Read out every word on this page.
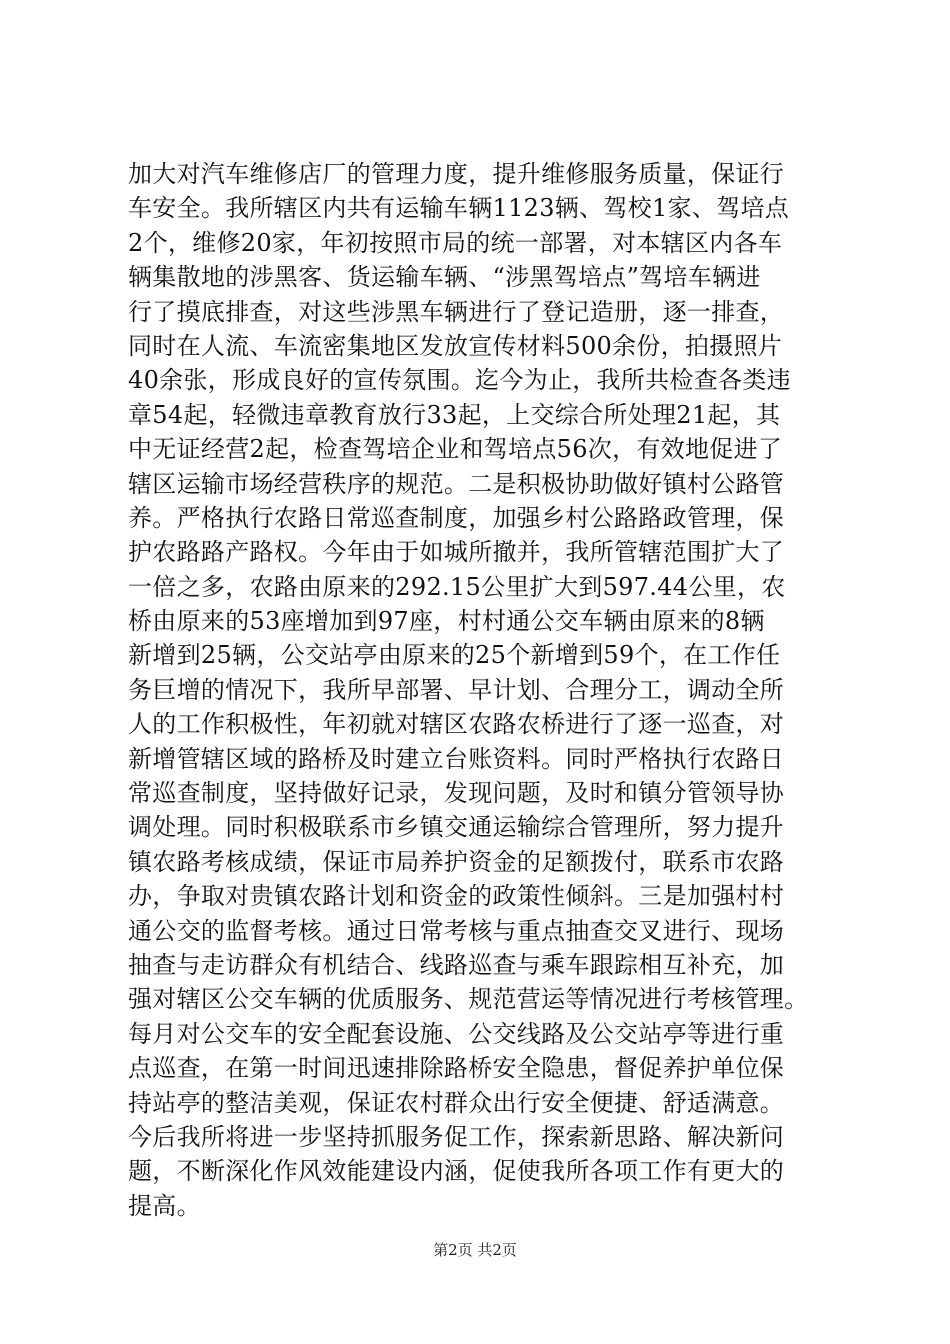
加大对汽车维修店厂的管理力度，提升维修服务质量，保证行
车安全。我所辖区内共有运输车辆1123辆、驾校1家、驾培点
2个，维修20家，年初按照市局的统一部署，对本辖区内各车
辆集散地的涉黑客、货运输车辆、“涉黑驾培点”驾培车辆进
行了摸底排查，对这些涉黑车辆进行了登记造册，逐一排查，
同时在人流、车流密集地区发放宣传材料500余份，拍摄照片
40余张，形成良好的宣传氛围。迄今为止，我所共检查各类违
章54起，轻微违章教育放行33起，上交综合所处理21起，其
中无证经营2起，检查驾培企业和驾培点56次，有效地促进了
辖区运输市场经营秩序的规范。二是积极协助做好镇村公路管
养。严格执行农路日常巡查制度，加强乡村公路路政管理，保
护农路路产路权。今年由于如城所撤并，我所管辖范围扩大了
一倍之多，农路由原来的292.15公里扩大到597.44公里，农
桥由原来的53座增加到97座，村村通公交车辆由原来的8辆
新增到25辆，公交站亭由原来的25个新增到59个，在工作任
务巨增的情况下，我所早部署、早计划、合理分工，调动全所
人的工作积极性，年初就对辖区农路农桥进行了逐一巡查，对
新增管辖区域的路桥及时建立台账资料。同时严格执行农路日
常巡查制度，坚持做好记录，发现问题，及时和镇分管领导协
调处理。同时积极联系市乡镇交通运输综合管理所，努力提升
镇农路考核成绩，保证市局养护资金的足额拨付，联系市农路
办，争取对贵镇农路计划和资金的政策性倾斜。三是加强村村
通公交的监督考核。通过日常考核与重点抽查交叉进行、现场
抽查与走访群众有机结合、线路巡查与乘车跟踪相互补充，加
强对辖区公交车辆的优质服务、规范营运等情况进行考核管理。
每月对公交车的安全配套设施、公交线路及公交站亭等进行重
点巡查，在第一时间迅速排除路桥安全隐患，督促养护单位保
持站亭的整洁美观，保证农村群众出行安全便捷、舒适满意。
今后我所将进一步坚持抓服务促工作，探索新思路、解决新问
题，不断深化作风效能建设内涵，促使我所各项工作有更大的
提高。
第2页 共2页
